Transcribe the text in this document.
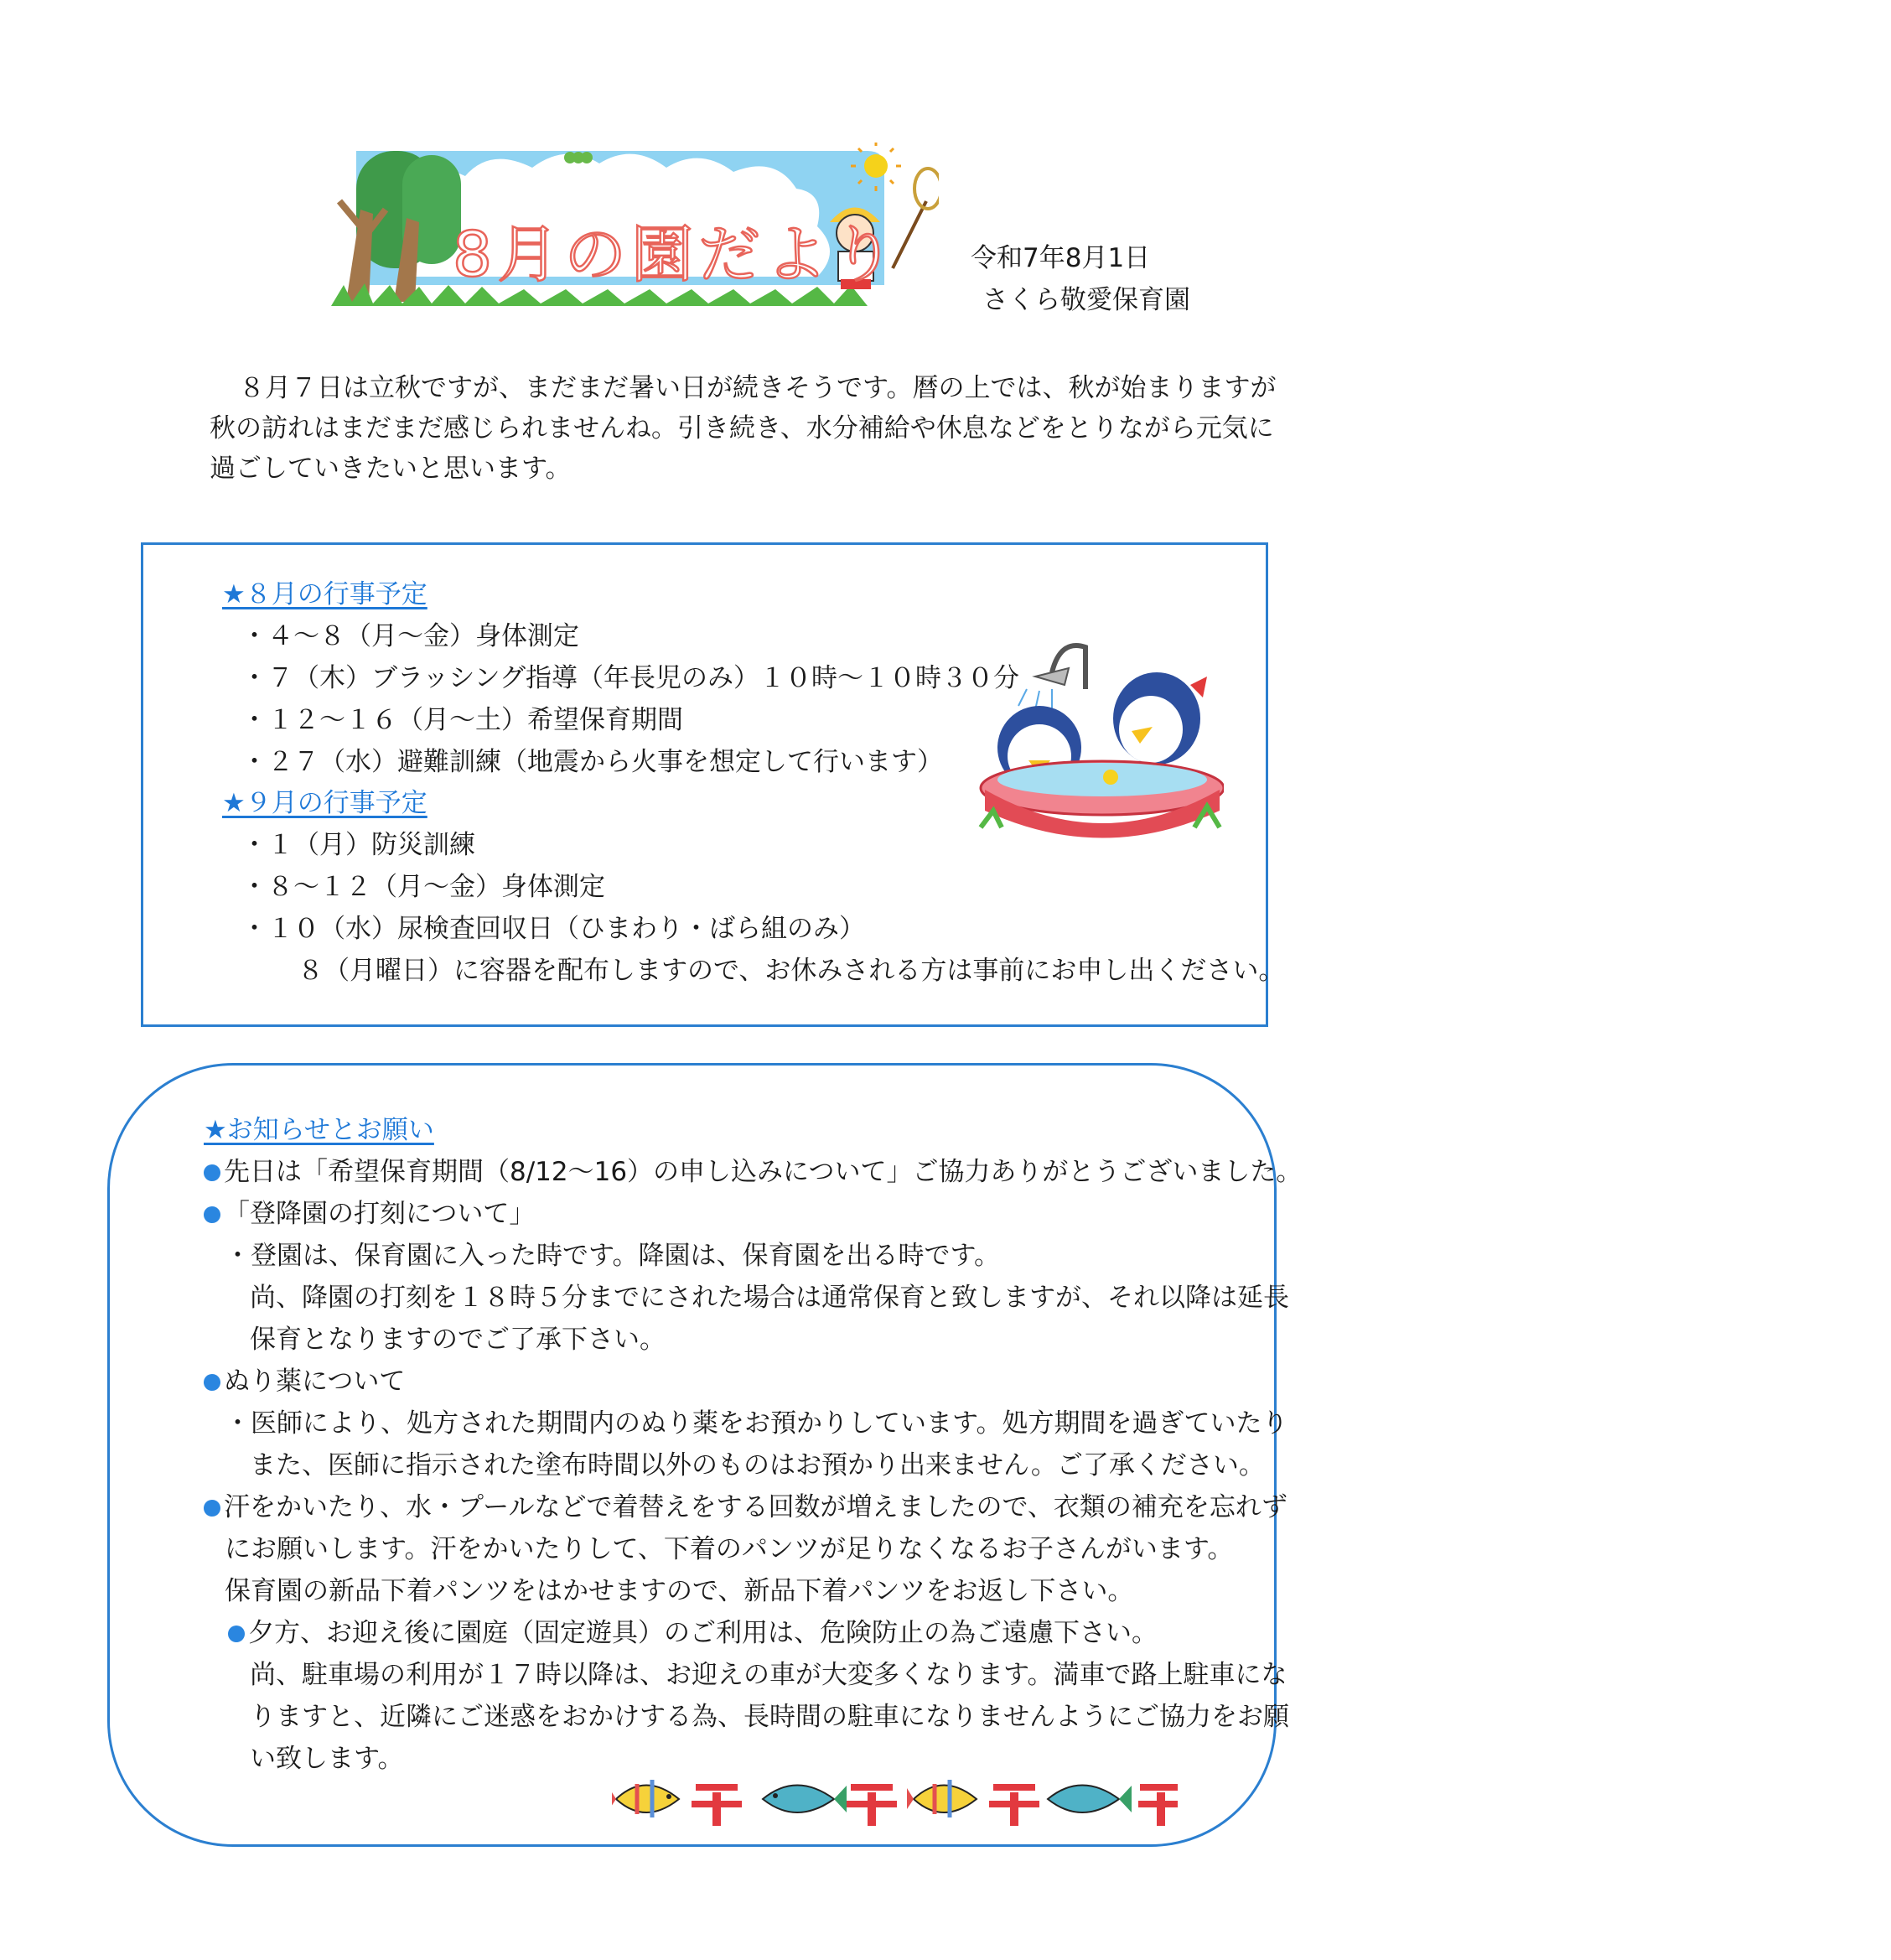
8月の園だより	令和7年8月1日
さくら敬愛保育園
８月７日は立秋ですが、まだまだ暑い日が続きそうです。暦の上では、秋が始まりますが
秋の訪れはまだまだ感じられませんね。引き続き、水分補給や休息などをとりながら元気に
過ごしていきたいと思います。
★８月の行事予定
・４～８（月～金）身体測定
・７（木）ブラッシング指導（年長児のみ）１０時～１０時３０分
・１２～１６（月～土）希望保育期間
・２７（水）避難訓練（地震から火事を想定して行います）
★９月の行事予定
・１（月）防災訓練
・８～１２（月～金）身体測定
・１０（水）尿検査回収日（ひまわり・ばら組のみ）
８（月曜日）に容器を配布しますので、お休みされる方は事前にお申し出ください。
★お知らせとお願い
先日は「希望保育期間（8/12～16）の申し込みについて」ご協力ありがとうございました。
「登降園の打刻について」
・登園は、保育園に入った時です。降園は、保育園を出る時です。
尚、降園の打刻を１８時５分までにされた場合は通常保育と致しますが、それ以降は延長
保育となりますのでご了承下さい。
ぬり薬について
・医師により、処方された期間内のぬり薬をお預かりしています。処方期間を過ぎていたり
また、医師に指示された塗布時間以外のものはお預かり出来ません。ご了承ください。
汗をかいたり、水・プールなどで着替えをする回数が増えましたので、衣類の補充を忘れず
にお願いします。汗をかいたりして、下着のパンツが足りなくなるお子さんがいます。
保育園の新品下着パンツをはかせますので、新品下着パンツをお返し下さい。
夕方、お迎え後に園庭（固定遊具）のご利用は、危険防止の為ご遠慮下さい。
尚、駐車場の利用が１７時以降は、お迎えの車が大変多くなります。満車で路上駐車にな
りますと、近隣にご迷惑をおかけする為、長時間の駐車になりませんようにご協力をお願
い致します。
